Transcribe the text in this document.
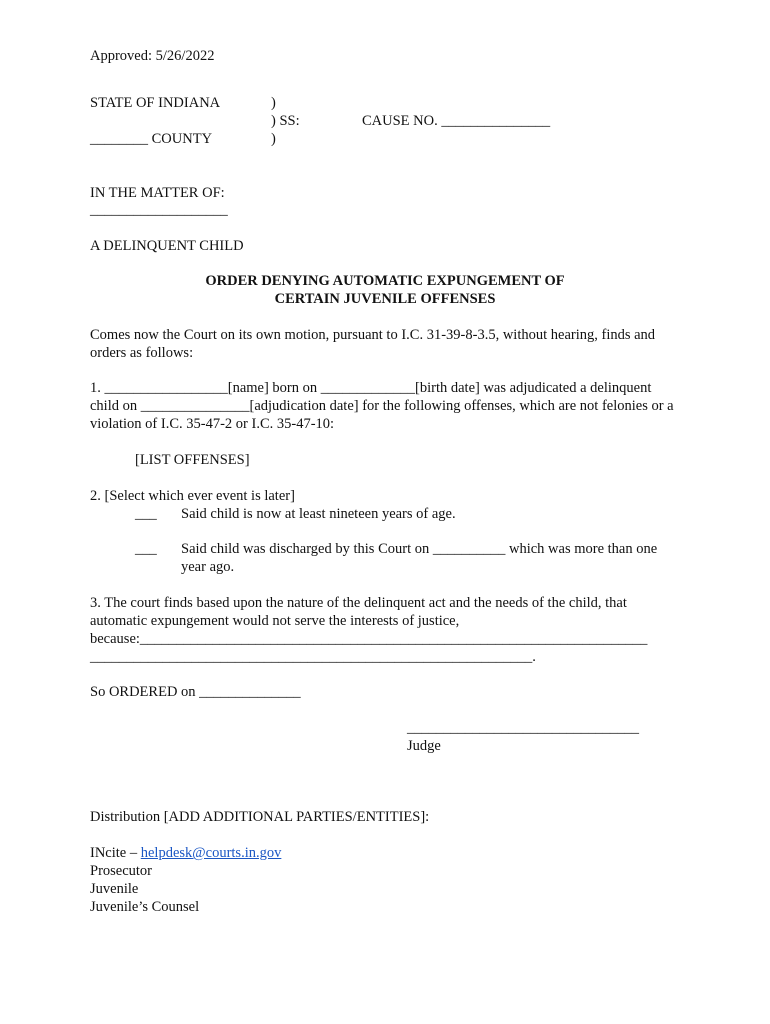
Approved: 5/26/2022
STATE OF INDIANA
________ COUNTY
)
) SS:
)
CAUSE NO. _______________
IN THE MATTER OF:
___________________
A DELINQUENT CHILD
ORDER DENYING AUTOMATIC EXPUNGEMENT OF
CERTAIN JUVENILE OFFENSES
Comes now the Court on its own motion, pursuant to I.C. 31-39-8-3.5, without hearing, finds and orders as follows:
1. _________________[name] born on _____________[birth date] was adjudicated a delinquent child on _______________[adjudication date] for the following offenses, which are not felonies or a violation of I.C. 35-47-2 or I.C. 35-47-10:
[LIST OFFENSES]
2. [Select which ever event is later]
___ Said child is now at least nineteen years of age.
___ Said child was discharged by this Court on __________ which was more than one year ago.
3. The court finds based upon the nature of the delinquent act and the needs of the child, that automatic expungement would not serve the interests of justice,
because:______________________________________________________________________
_____________________________________________________________.
So ORDERED on ______________
________________________________
Judge
Distribution [ADD ADDITIONAL PARTIES/ENTITIES]:
INcite – helpdesk@courts.in.gov
Prosecutor
Juvenile
Juvenile’s Counsel
